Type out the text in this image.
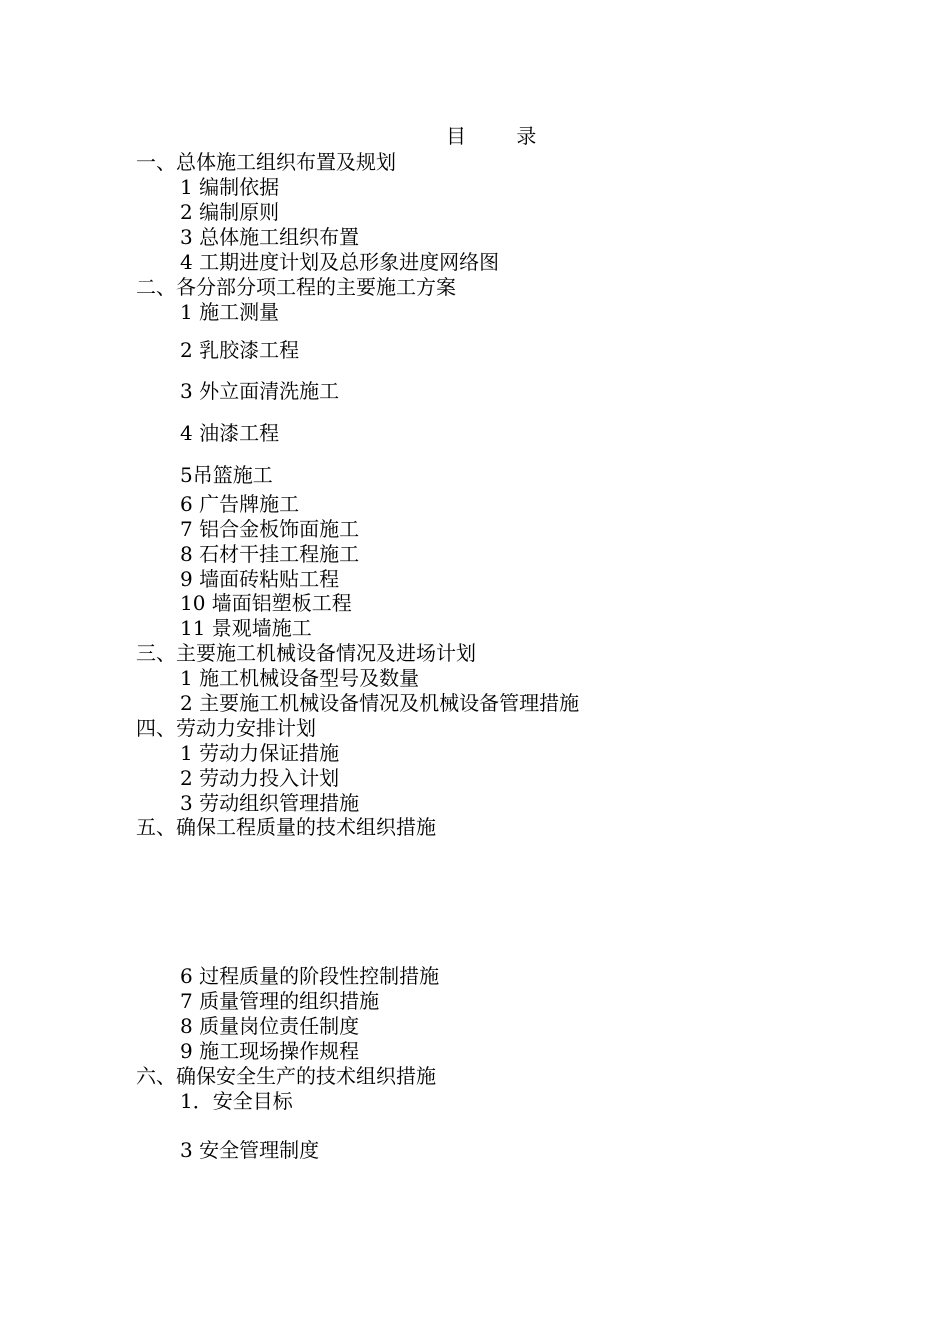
目 录
一、总体施工组织布置及规划
1 编制依据
2 编制原则
3 总体施工组织布置
4 工期进度计划及总形象进度网络图
二、各分部分项工程的主要施工方案
1 施工测量
2 乳胶漆工程
3 外立面清洗施工
4 油漆工程
5吊篮施工
6 广告牌施工
7 铝合金板饰面施工
8 石材干挂工程施工
9 墙面砖粘贴工程
10 墙面铝塑板工程
11 景观墙施工
三、主要施工机械设备情况及进场计划
1 施工机械设备型号及数量
2 主要施工机械设备情况及机械设备管理措施
四、劳动力安排计划
1 劳动力保证措施
2 劳动力投入计划
3 劳动组织管理措施
五、确保工程质量的技术组织措施
6 过程质量的阶段性控制措施
7 质量管理的组织措施
8 质量岗位责任制度
9 施工现场操作规程
六、确保安全生产的技术组织措施
1．安全目标
3 安全管理制度
